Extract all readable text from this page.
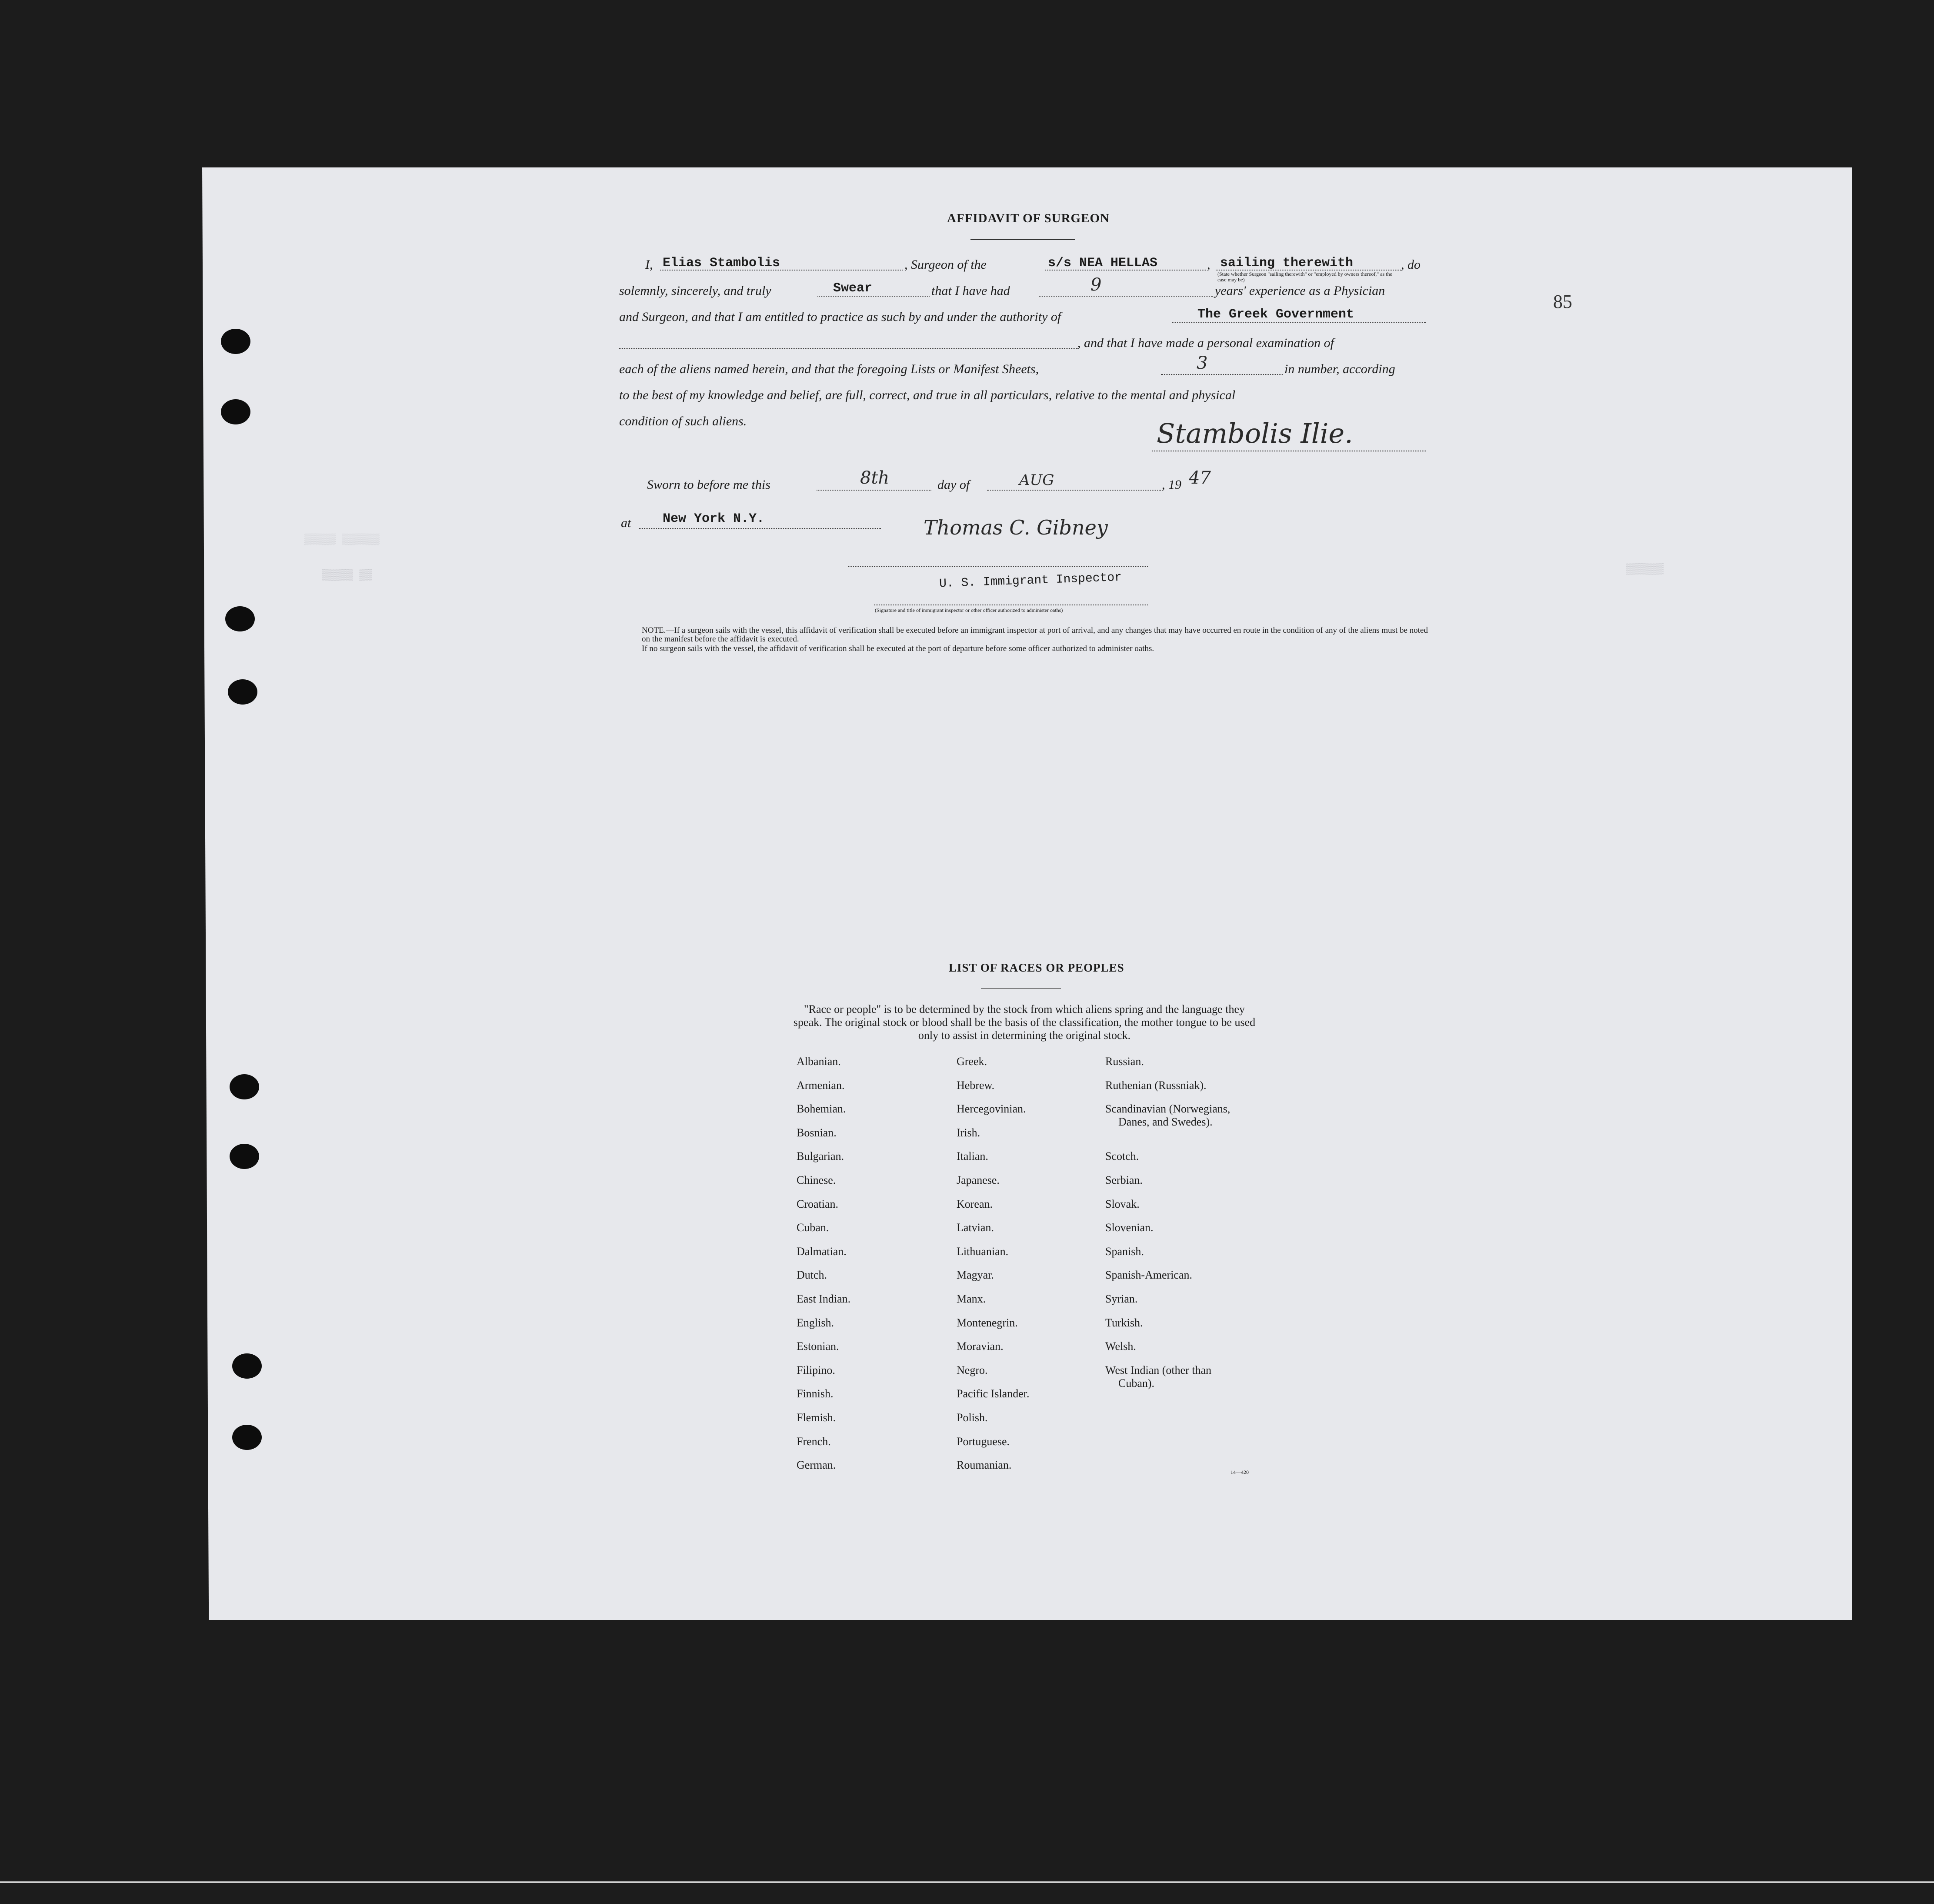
▒▒▒▒▒ ▒▒▒▒▒▒
▒▒▒▒▒ ▒▒
▒▒▒▒▒▒
85
AFFIDAVIT OF SURGEON
I, Elias Stambolis	, Surgeon of the	s/s NEA HELLAS	, sailing therewith	, do
(State whether Surgeon "sailing therewith" or "employed by owners thereof," as the case may be)
solemnly, sincerely, and truly	Swear	that I have had	9	years' experience as a Physician
and Surgeon, and that I am entitled to practice as such by and under the authority of	The Greek Government
, and that I have made a personal examination of
each of the aliens named herein, and that the foregoing Lists or Manifest Sheets,	3	in number, according
to the best of my knowledge and belief, are full, correct, and true in all particulars, relative to the mental and physical
condition of such aliens.	Stambolis Ilie.
Sworn to before me this	8th	day of	AUG	, 19 47
at New York N.Y.	Thomas C. Gibney
U. S. Immigrant Inspector
(Signature and title of immigrant inspector or other officer authorized to administer oaths)
NOTE.—If a surgeon sails with the vessel, this affidavit of verification shall be executed before an immigrant inspector at port of arrival, and any changes that may have occurred en route in the condition of any of the aliens must be noted on the manifest before the affidavit is executed.
If no surgeon sails with the vessel, the affidavit of verification shall be executed at the port of departure before some officer authorized to administer oaths.
LIST OF RACES OR PEOPLES
"Race or people" is to be determined by the stock from which aliens spring and the language they speak. The original stock or blood shall be the basis of the classification, the mother tongue to be used only to assist in determining the original stock.
Albanian.
Armenian.
Bohemian.
Bosnian.
Bulgarian.
Chinese.
Croatian.
Cuban.
Dalmatian.
Dutch.
East Indian.
English.
Estonian.
Filipino.
Finnish.
Flemish.
French.
German.
Greek.
Hebrew.
Hercegovinian.
Irish.
Italian.
Japanese.
Korean.
Latvian.
Lithuanian.
Magyar.
Manx.
Montenegrin.
Moravian.
Negro.
Pacific Islander.
Polish.
Portuguese.
Roumanian.
Russian.
Ruthenian (Russniak).
Scandinavian (Norwegians,
Danes, and Swedes).
Scotch.
Serbian.
Slovak.
Slovenian.
Spanish.
Spanish-American.
Syrian.
Turkish.
Welsh.
West Indian (other than
Cuban).
14—420
